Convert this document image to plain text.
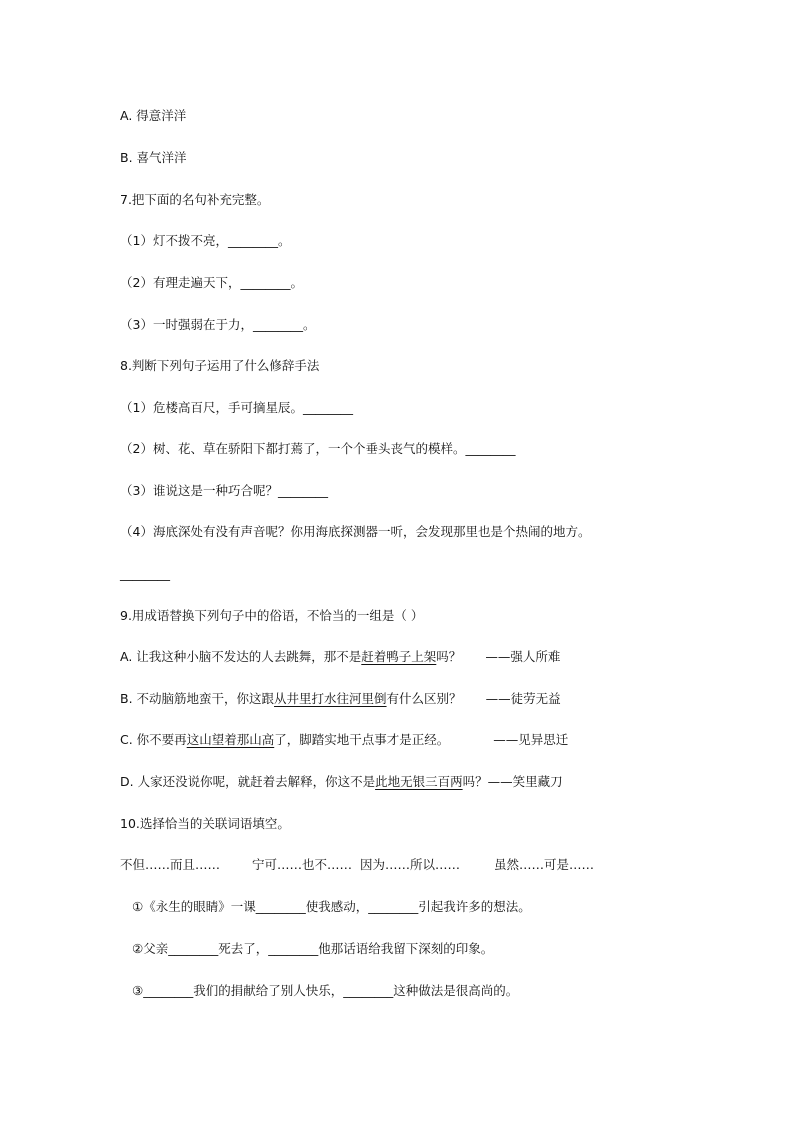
A. 得意洋洋
B. 喜气洋洋
7.把下面的名句补充完整。
（1）灯不拨不亮，________。
（2）有理走遍天下，________。
（3）一时强弱在于力，________。
8.判断下列句子运用了什么修辞手法
（1）危楼高百尺，手可摘星辰。________
（2）树、花、草在骄阳下都打蔫了，一个个垂头丧气的模样。________
（3）谁说这是一种巧合呢？________
（4）海底深处有没有声音呢？你用海底探测器一听，会发现那里也是个热闹的地方。
________
9.用成语替换下列句子中的俗语，不恰当的一组是（ ）
A. 让我这种小脑不发达的人去跳舞，那不是赶着鸭子上架吗？ ——强人所难
B. 不动脑筋地蛮干，你这跟从井里打水往河里倒有什么区别？ ——徒劳无益
C. 你不要再这山望着那山高了，脚踏实地干点事才是正经。	——见异思迁
D. 人家还没说你呢，就赶着去解释，你这不是此地无银三百两吗？——笑里藏刀
10.选择恰当的关联词语填空。
不但……而且……	宁可……也不…… 因为……所以……	虽然……可是……
①《永生的眼睛》一课________使我感动，________引起我许多的想法。
②父亲________死去了，________他那话语给我留下深刻的印象。
③________我们的捐献给了别人快乐，________这种做法是很高尚的。
